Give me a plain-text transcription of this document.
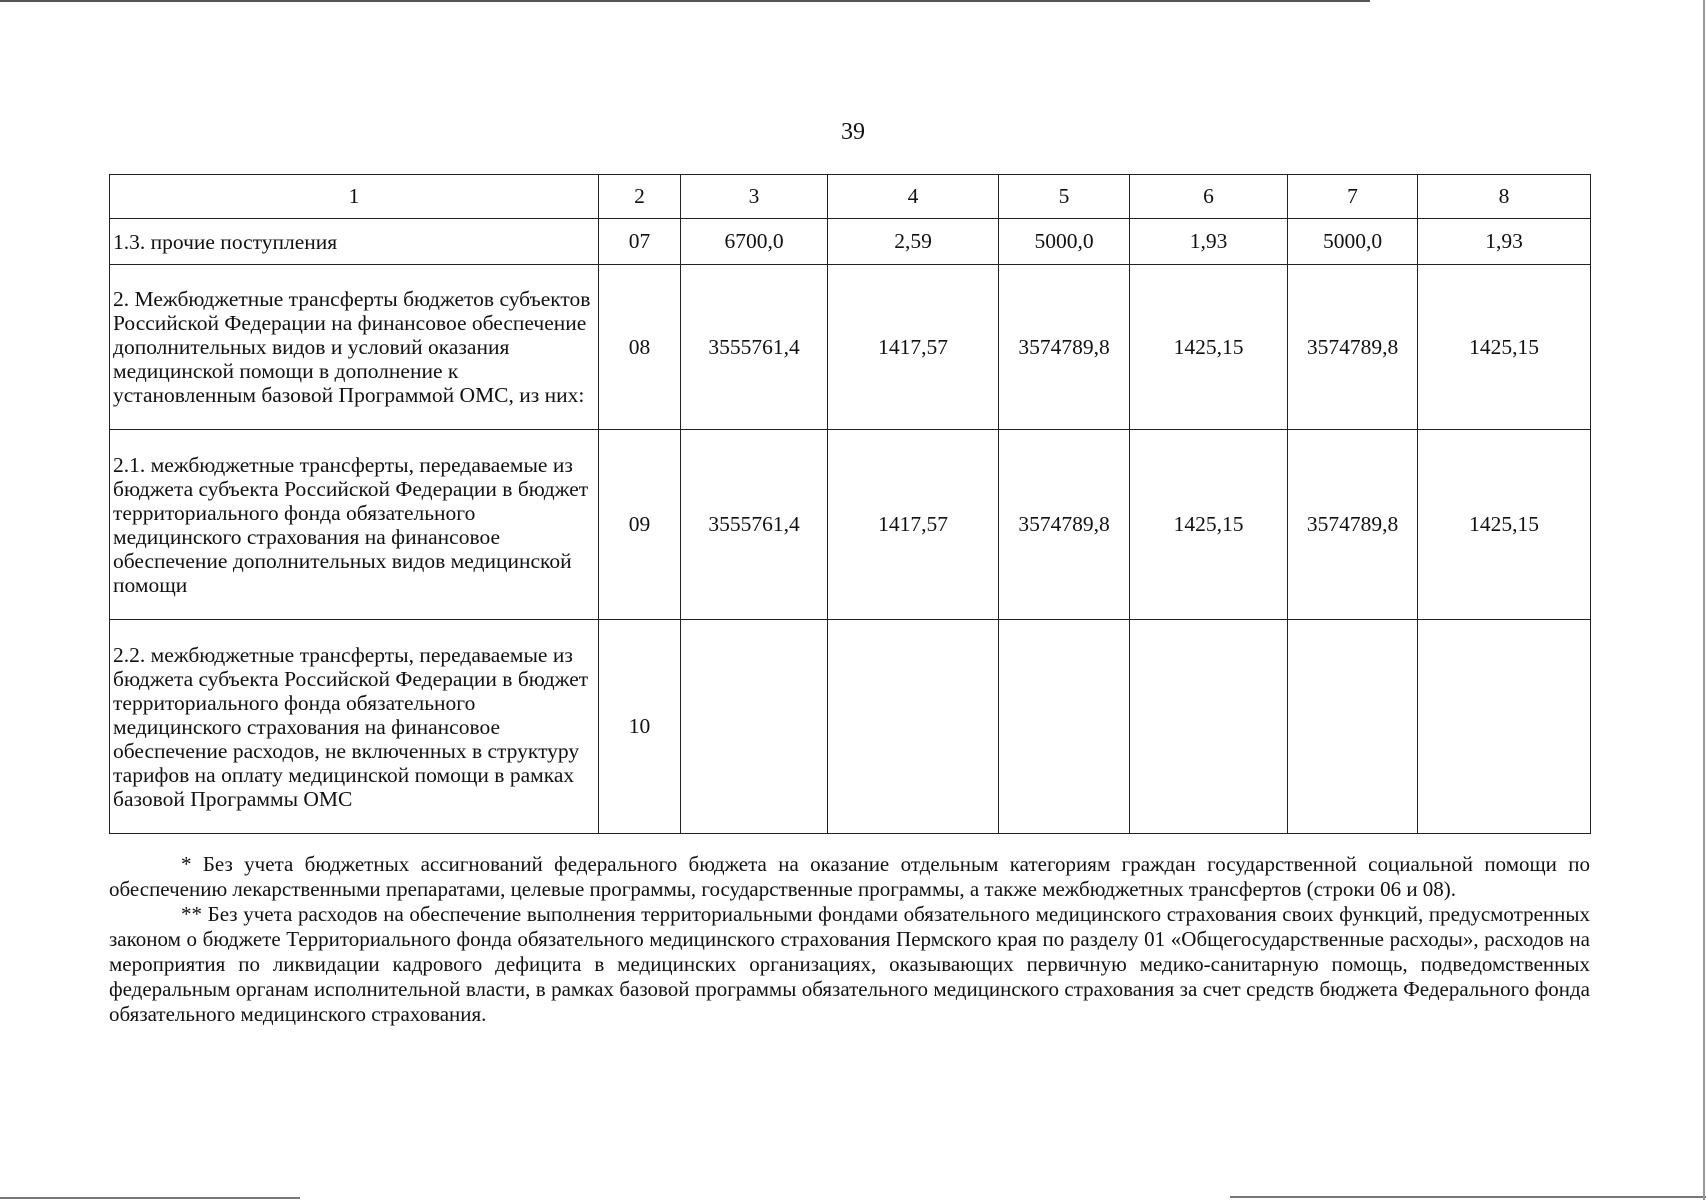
39
1	2	3	4	5	6	7	8
1.3. прочие поступления	07	6700,0	2,59	5000,0	1,93	5000,0	1,93
2. Межбюджетные трансферты бюджетов субъектов Российской Федерации на финансовое обеспечение дополнительных видов и условий оказания медицинской помощи в дополнение к установленным базовой Программой ОМС, из них:	08	3555761,4	1417,57	3574789,8	1425,15	3574789,8	1425,15
2.1. межбюджетные трансферты, передаваемые из бюджета субъекта Российской Федерации в бюджет территориального фонда обязательного медицинского страхования на финансовое обеспечение дополнительных видов медицинской помощи	09	3555761,4	1417,57	3574789,8	1425,15	3574789,8	1425,15
2.2. межбюджетные трансферты, передаваемые из бюджета субъекта Российской Федерации в бюджет территориального фонда обязательного медицинского страхования на финансовое обеспечение расходов, не включенных в структуру тарифов на оплату медицинской помощи в рамках базовой Программы ОМС	10						

* Без учета бюджетных ассигнований федерального бюджета на оказание отдельным категориям граждан государственной социальной помощи по обеспечению лекарственными препаратами, целевые программы, государственные программы, а также межбюджетных трансфертов (строки 06 и 08).

** Без учета расходов на обеспечение выполнения территориальными фондами обязательного медицинского страхования своих функций, предусмотренных законом о бюджете Территориального фонда обязательного медицинского страхования Пермского края по разделу 01 «Общегосударственные расходы», расходов на мероприятия по ликвидации кадрового дефицита в медицинских организациях, оказывающих первичную медико-санитарную помощь, подведомственных федеральным органам исполнительной власти, в рамках базовой программы обязательного медицинского страхования за счет средств бюджета Федерального фонда обязательного медицинского страхования.
